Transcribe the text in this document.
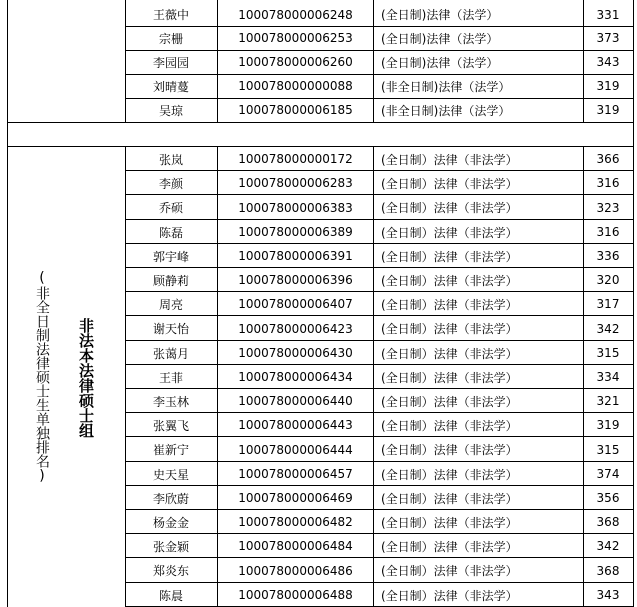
王薇中	100078000006248	(全日制)法律（法学）	331
宗栅	100078000006253	(全日制)法律（法学）	373
李园园	100078000006260	(全日制)法律（法学）	343
刘晴蔓	100078000000088	(非全日制)法律（法学）	319
吴琼	100078000006185	(非全日制)法律（法学）	319
张岚	100078000000172	(全日制）法律（非法学）	366
李颜	100078000006283	(全日制）法律（非法学）	316
乔硕	100078000006383	(全日制）法律（非法学）	323
陈磊	100078000006389	(全日制）法律（非法学）	316
郭宇峰	100078000006391	(全日制）法律（非法学）	336
顾静莉	100078000006396	(全日制）法律（非法学）	320
周亮	100078000006407	(全日制）法律（非法学）	317
谢天怡	100078000006423	(全日制）法律（非法学）	342
张蔼月	100078000006430	(全日制）法律（非法学）	315
王菲	100078000006434	(全日制）法律（非法学）	334
李玉林	100078000006440	(全日制）法律（非法学）	321
张翼飞	100078000006443	(全日制）法律（非法学）	319
崔新宁	100078000006444	(全日制）法律（非法学）	315
史天星	100078000006457	(全日制）法律（非法学）	374
李欣蔚	100078000006469	(全日制）法律（非法学）	356
杨金金	100078000006482	(全日制）法律（非法学）	368
张金颖	100078000006484	(全日制）法律（非法学）	342
郑炎东	100078000006486	(全日制）法律（非法学）	368
陈晨	100078000006488	(全日制）法律（非法学）	343
(非全日制法律硕士生单独排名) 非法本法律硕士组
